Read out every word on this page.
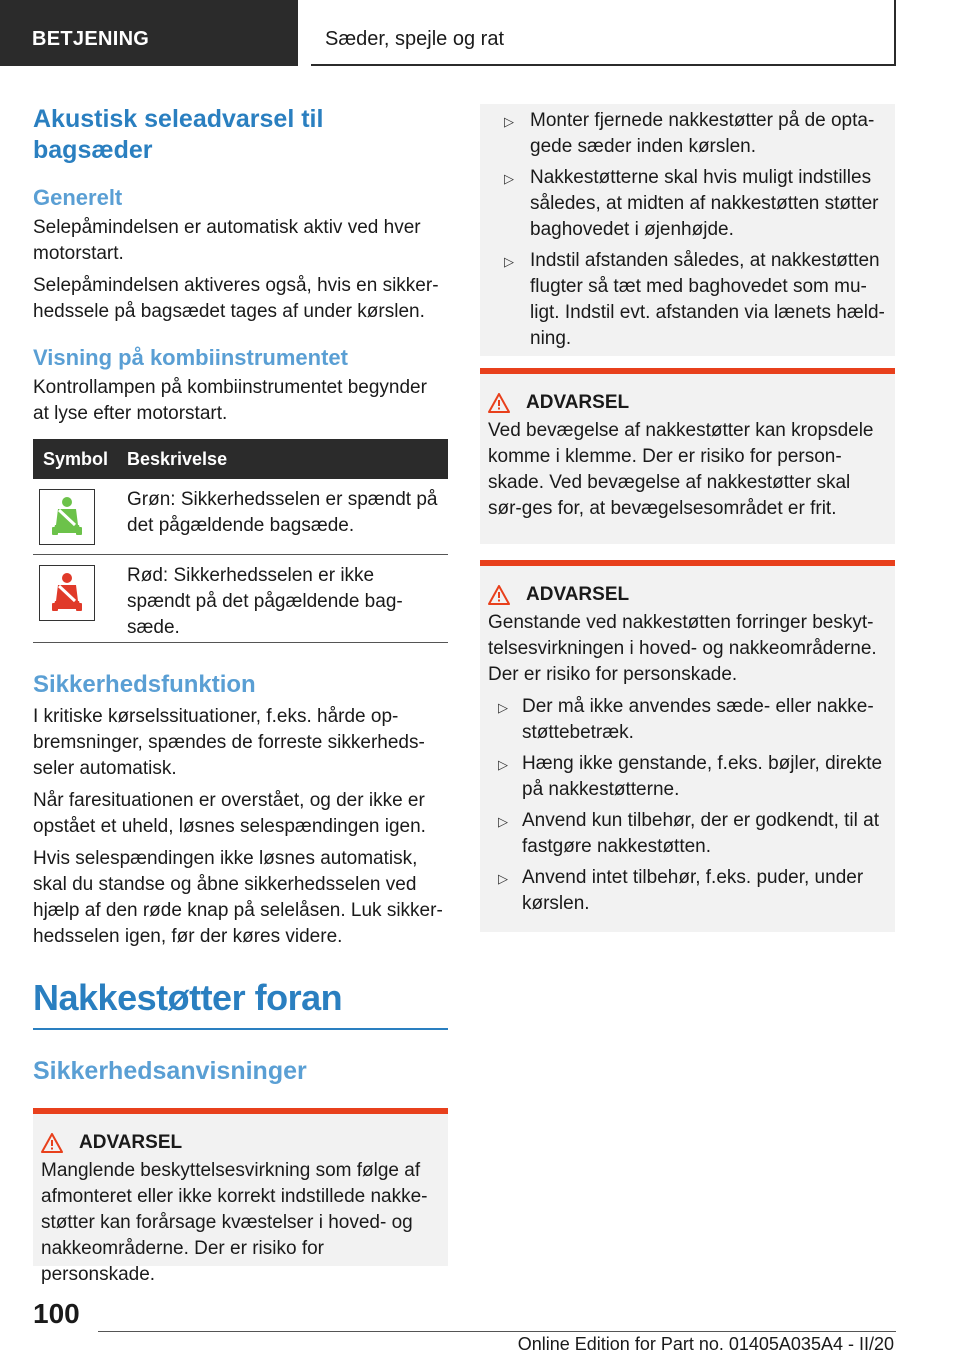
BETJENING	Sæder, spejle og rat
Akustisk seleadvarsel til bagsæder
Generelt

Selepåmindelsen er automatisk aktiv ved hver motorstart.

Selepåmindelsen aktiveres også, hvis en sikker-hedssele på bagsædet tages af under kørslen.

Visning på kombiinstrumentet

Kontrollampen på kombiinstrumentet begynder at lyse efter motorstart.

Symbol	Beskrivelse
Grøn: Sikkerhedsselen er spændt på det pågældende bagsæde.
Rød: Sikkerhedsselen er ikke spændt på det pågældende bag-sæde.
Sikkerhedsfunktion

I kritiske kørselssituationer, f.eks. hårde op-bremsninger, spændes de forreste sikkerheds-seler automatisk.

Når faresituationen er overstået, og der ikke er opstået et uheld, løsnes selespændingen igen.

Hvis selespændingen ikke løsnes automatisk, skal du standse og åbne sikkerhedsselen ved hjælp af den røde knap på selelåsen. Luk sikker-hedsselen igen, før der køres videre.

Nakkestøtter foran
Sikkerhedsanvisninger
ADVARSEL

Manglende beskyttelsesvirkning som følge af afmonteret eller ikke korrekt indstillede nakke-støtter kan forårsage kvæstelser i hoved- og nakkeområderne. Der er risiko for personskade.

▷ Monter fjernede nakkestøtter på de opta-gede sæder inden kørslen.
▷ Nakkestøtterne skal hvis muligt indstilles således, at midten af nakkestøtten støtter baghovedet i øjenhøjde.
▷ Indstil afstanden således, at nakkestøtten flugter så tæt med baghovedet som mu-ligt. Indstil evt. afstanden via lænets hæld-ning.
ADVARSEL

Ved bevægelse af nakkestøtter kan kropsdele komme i klemme. Der er risiko for person-skade. Ved bevægelse af nakkestøtter skal sør-ges for, at bevægelsesområdet er frit.

ADVARSEL

Genstande ved nakkestøtten forringer beskyt-telsesvirkningen i hoved- og nakkeområderne. Der er risiko for personskade.

▷ Der må ikke anvendes sæde- eller nakke-støttebetræk.
▷ Hæng ikke genstande, f.eks. bøjler, direkte på nakkestøtterne.
▷ Anvend kun tilbehør, der er godkendt, til at fastgøre nakkestøtten.
▷ Anvend intet tilbehør, f.eks. puder, under kørslen.
100
Online Edition for Part no. 01405A035A4 - II/20
